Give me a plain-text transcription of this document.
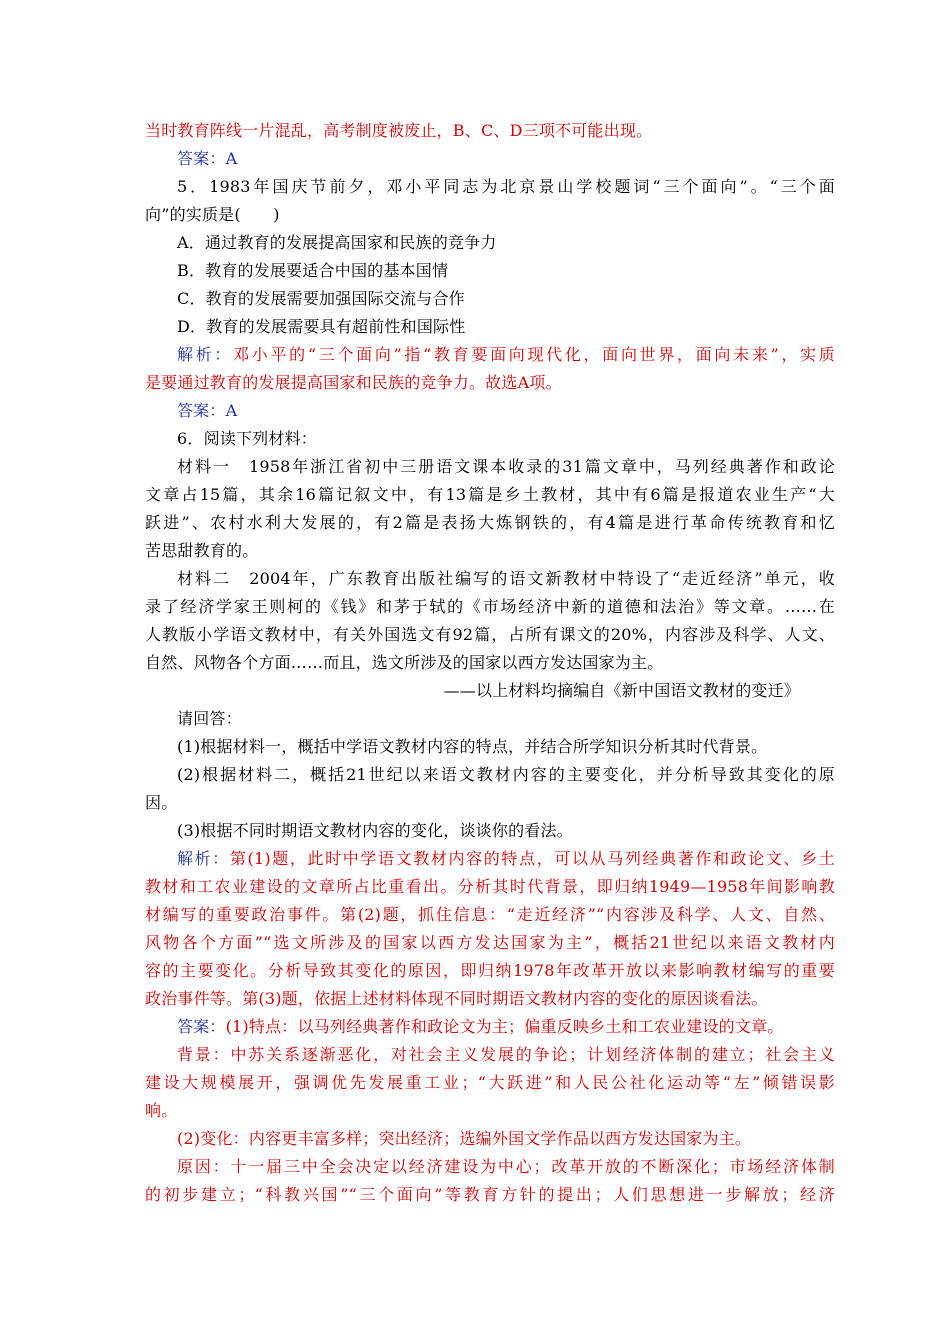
当时教育阵线一片混乱，高考制度被废止，B、C、D三项不可能出现。
答案：A
5．1983年国庆节前夕，邓小平同志为北京景山学校题词“三个面向”。“三个面
向”的实质是(　　)
A．通过教育的发展提高国家和民族的竞争力
B．教育的发展要适合中国的基本国情
C．教育的发展需要加强国际交流与合作
D．教育的发展需要具有超前性和国际性
解析：邓小平的“三个面向”指“教育要面向现代化，面向世界，面向未来”，实质
是要通过教育的发展提高国家和民族的竞争力。故选A项。
答案：A
6．阅读下列材料：
材料一　1958年浙江省初中三册语文课本收录的31篇文章中，马列经典著作和政论
文章占15篇，其余16篇记叙文中，有13篇是乡土教材，其中有6篇是报道农业生产“大
跃进”、农村水利大发展的，有2篇是表扬大炼钢铁的，有4篇是进行革命传统教育和忆
苦思甜教育的。
材料二　2004年，广东教育出版社编写的语文新教材中特设了“走近经济”单元，收
录了经济学家王则柯的《钱》和茅于轼的《市场经济中新的道德和法治》等文章。……在
人教版小学语文教材中，有关外国选文有92篇，占所有课文的20%，内容涉及科学、人文、
自然、风物各个方面……而且，选文所涉及的国家以西方发达国家为主。
——以上材料均摘编自《新中国语文教材的变迁》
请回答：
(1)根据材料一，概括中学语文教材内容的特点，并结合所学知识分析其时代背景。
(2)根据材料二，概括21世纪以来语文教材内容的主要变化，并分析导致其变化的原
因。
(3)根据不同时期语文教材内容的变化，谈谈你的看法。
解析：第(1)题，此时中学语文教材内容的特点，可以从马列经典著作和政论文、乡土
教材和工农业建设的文章所占比重看出。分析其时代背景，即归纳1949—1958年间影响教
材编写的重要政治事件。第(2)题，抓住信息：“走近经济”“内容涉及科学、人文、自然、
风物各个方面”“选文所涉及的国家以西方发达国家为主”，概括21世纪以来语文教材内
容的主要变化。分析导致其变化的原因，即归纳1978年改革开放以来影响教材编写的重要
政治事件等。第(3)题，依据上述材料体现不同时期语文教材内容的变化的原因谈看法。
答案：(1)特点：以马列经典著作和政论文为主；偏重反映乡土和工农业建设的文章。
背景：中苏关系逐渐恶化，对社会主义发展的争论；计划经济体制的建立；社会主义
建设大规模展开，强调优先发展重工业；“大跃进”和人民公社化运动等“左”倾错误影
响。
(2)变化：内容更丰富多样；突出经济；选编外国文学作品以西方发达国家为主。
原因：十一届三中全会决定以经济建设为中心；改革开放的不断深化；市场经济体制
的初步建立；“科教兴国”“三个面向”等教育方针的提出；人们思想进一步解放；经济
